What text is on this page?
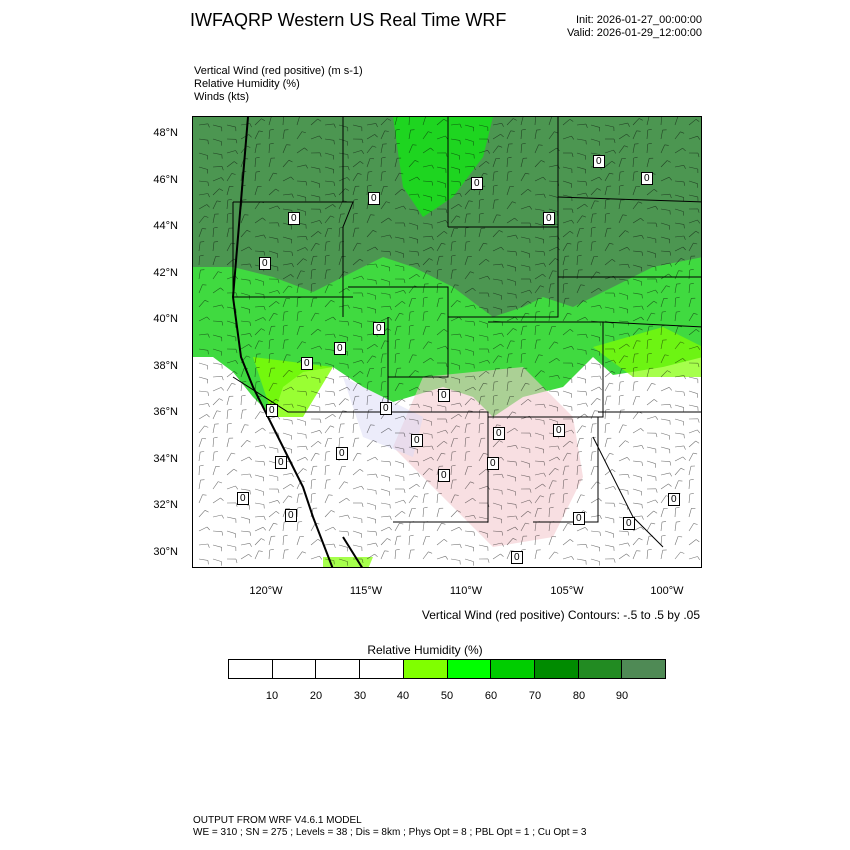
IWFAQRP Western US Real Time WRF	Init: 2026-01-27_00:00:00
Valid: 2026-01-29_12:00:00
Vertical Wind (red positive) (m s-1)
Relative Humidity (%)
Winds (kts)
0
0
0
0
0
0
0
0
0
0
0
0
0
0
0
0
0
0
0
0
0	0
0
0
0
0
48°N
46°N
44°N
42°N
40°N
38°N
36°N
34°N
32°N
30°N
120°W	115°W	110°W	105°W	100°W
Vertical Wind (red positive) Contours: -.5 to .5 by .05
Relative Humidity (%)
10	20	30	40	50	60	70	80	90
OUTPUT FROM WRF V4.6.1 MODEL
WE = 310 ; SN = 275 ; Levels = 38 ; Dis = 8km ; Phys Opt = 8 ; PBL Opt = 1 ; Cu Opt = 3
